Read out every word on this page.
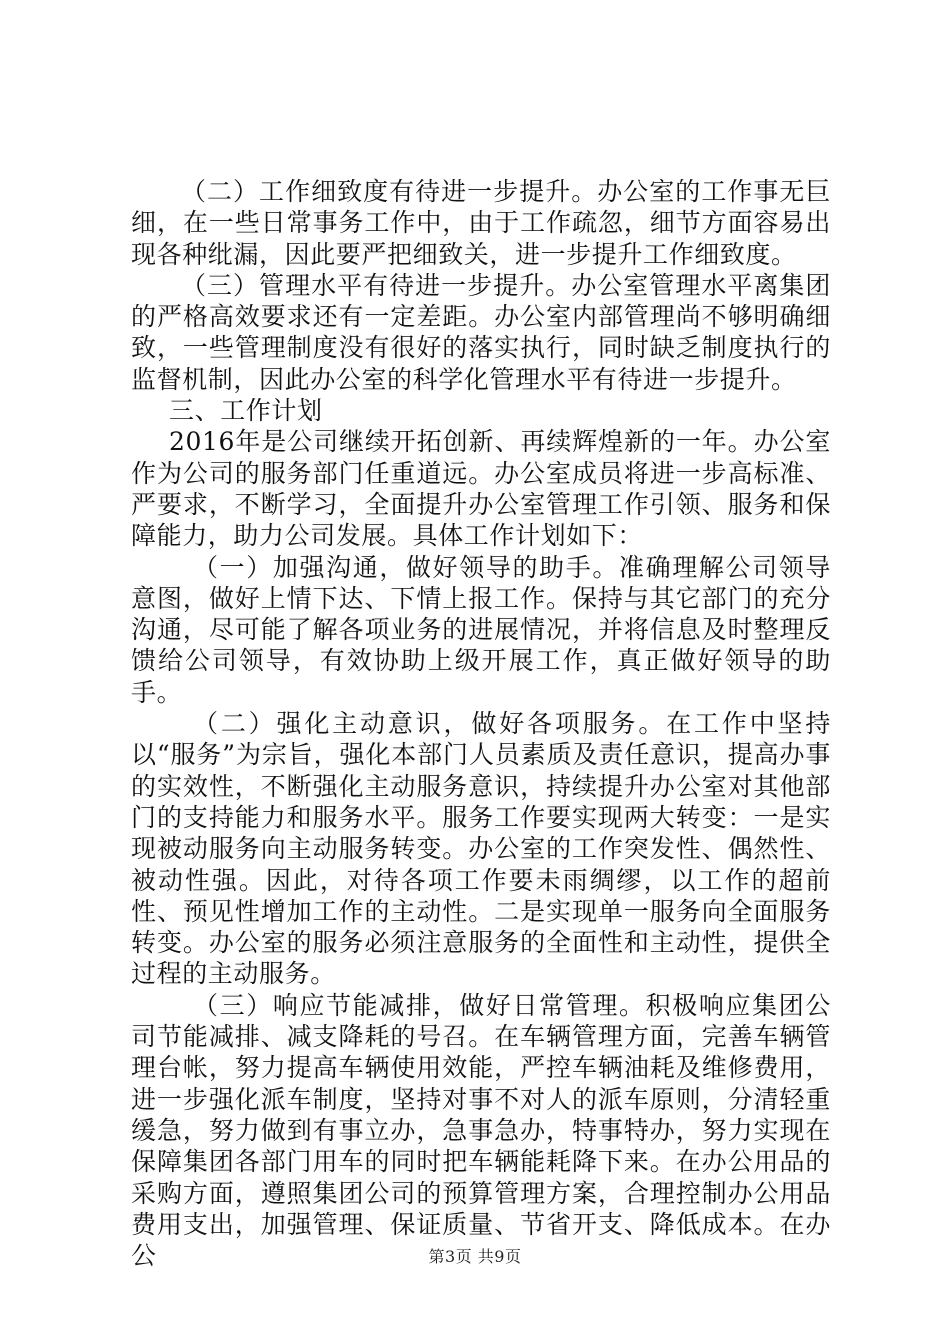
（二）工作细致度有待进一步提升。办公室的工作事无巨细，在一些日常事务工作中，由于工作疏忽，细节方面容易出现各种纰漏，因此要严把细致关，进一步提升工作细致度。

（三）管理水平有待进一步提升。办公室管理水平离集团的严格高效要求还有一定差距。办公室内部管理尚不够明确细致，一些管理制度没有很好的落实执行，同时缺乏制度执行的监督机制，因此办公室的科学化管理水平有待进一步提升。

三、工作计划

2016年是公司继续开拓创新、再续辉煌新的一年。办公室作为公司的服务部门任重道远。办公室成员将进一步高标准、严要求，不断学习，全面提升办公室管理工作引领、服务和保障能力，助力公司发展。具体工作计划如下：

（一）加强沟通，做好领导的助手。准确理解公司领导意图，做好上情下达、下情上报工作。保持与其它部门的充分沟通，尽可能了解各项业务的进展情况，并将信息及时整理反馈给公司领导，有效协助上级开展工作，真正做好领导的助手。

（二）强化主动意识，做好各项服务。在工作中坚持以“服务”为宗旨，强化本部门人员素质及责任意识，提高办事的实效性，不断强化主动服务意识，持续提升办公室对其他部门的支持能力和服务水平。服务工作要实现两大转变：一是实现被动服务向主动服务转变。办公室的工作突发性、偶然性、被动性强。因此，对待各项工作要未雨绸缪，以工作的超前性、预见性增加工作的主动性。二是实现单一服务向全面服务转变。办公室的服务必须注意服务的全面性和主动性，提供全过程的主动服务。

（三）响应节能减排，做好日常管理。积极响应集团公司节能减排、减支降耗的号召。在车辆管理方面，完善车辆管理台帐，努力提高车辆使用效能，严控车辆油耗及维修费用，进一步强化派车制度，坚持对事不对人的派车原则，分清轻重缓急，努力做到有事立办，急事急办，特事特办，努力实现在保障集团各部门用车的同时把车辆能耗降下来。在办公用品的采购方面，遵照集团公司的预算管理方案，合理控制办公用品费用支出，加强管理、保证质量、节省开支、降低成本。在办公	第3页 共9页
